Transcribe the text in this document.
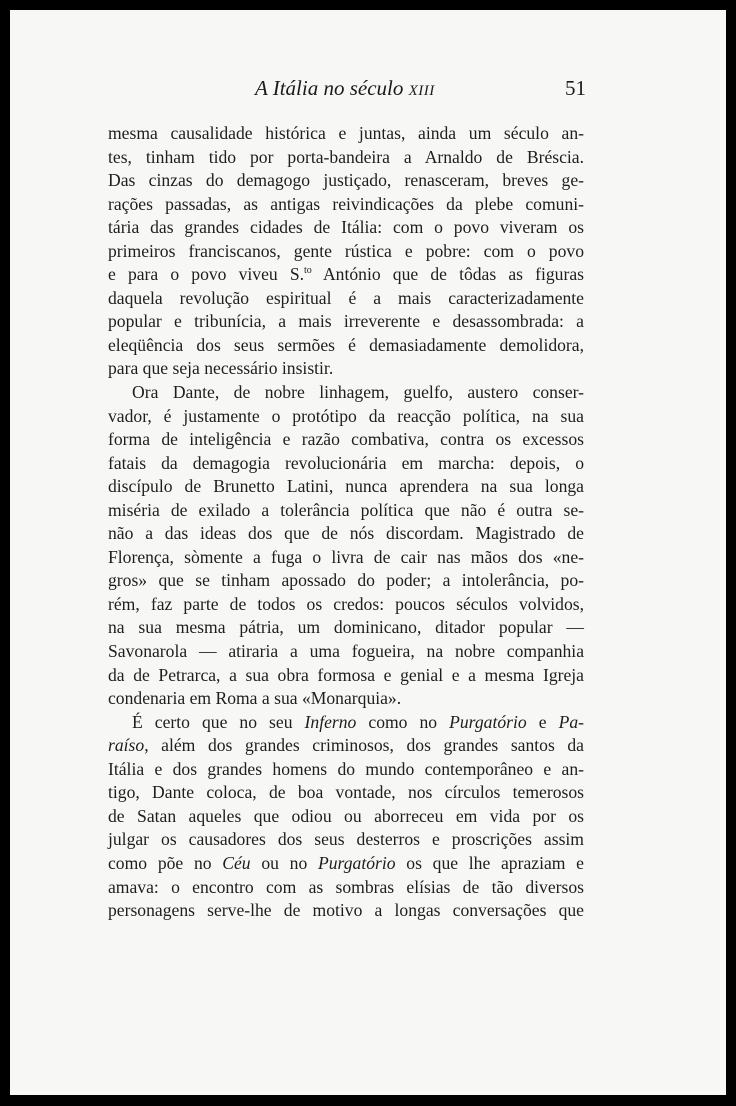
A Itália no século XIII	51

mesma causalidade histórica e juntas, ainda um século an-
tes, tinham tido por porta-bandeira a Arnaldo de Bréscia.
Das cinzas do demagogo justiçado, renasceram, breves ge-
rações passadas, as antigas reivindicações da plebe comuni-
tária das grandes cidades de Itália: com o povo viveram os
primeiros franciscanos, gente rústica e pobre: com o povo
e para o povo viveu S.$^{to}$ António que de tôdas as figuras
daquela revolução espiritual é a mais caracterizadamente
popular e tribunícia, a mais irreverente e desassombrada: a
eleqüência dos seus sermões é demasiadamente demolidora,
para que seja necessário insistir.

Ora Dante, de nobre linhagem, guelfo, austero conser-
vador, é justamente o protótipo da reacção política, na sua
forma de inteligência e razão combativa, contra os excessos
fatais da demagogia revolucionária em marcha: depois, o
discípulo de Brunetto Latini, nunca aprendera na sua longa
miséria de exilado a tolerância política que não é outra se-
não a das ideas dos que de nós discordam. Magistrado de
Florença, sòmente a fuga o livra de cair nas mãos dos «ne-
gros» que se tinham apossado do poder; a intolerância, po-
rém, faz parte de todos os credos: poucos séculos volvidos,
na sua mesma pátria, um dominicano, ditador popular —
Savonarola — atiraria a uma fogueira, na nobre companhia
da de Petrarca, a sua obra formosa e genial e a mesma Igreja
condenaria em Roma a sua «Monarquia».

É certo que no seu Inferno como no Purgatório e Pa-
raíso, além dos grandes criminosos, dos grandes santos da
Itália e dos grandes homens do mundo contemporâneo e an-
tigo, Dante coloca, de boa vontade, nos círculos temerosos
de Satan aqueles que odiou ou aborreceu em vida por os
julgar os causadores dos seus desterros e proscrições assim
como põe no Céu ou no Purgatório os que lhe apraziam e
amava: o encontro com as sombras elísias de tão diversos
personagens serve-lhe de motivo a longas conversações que
